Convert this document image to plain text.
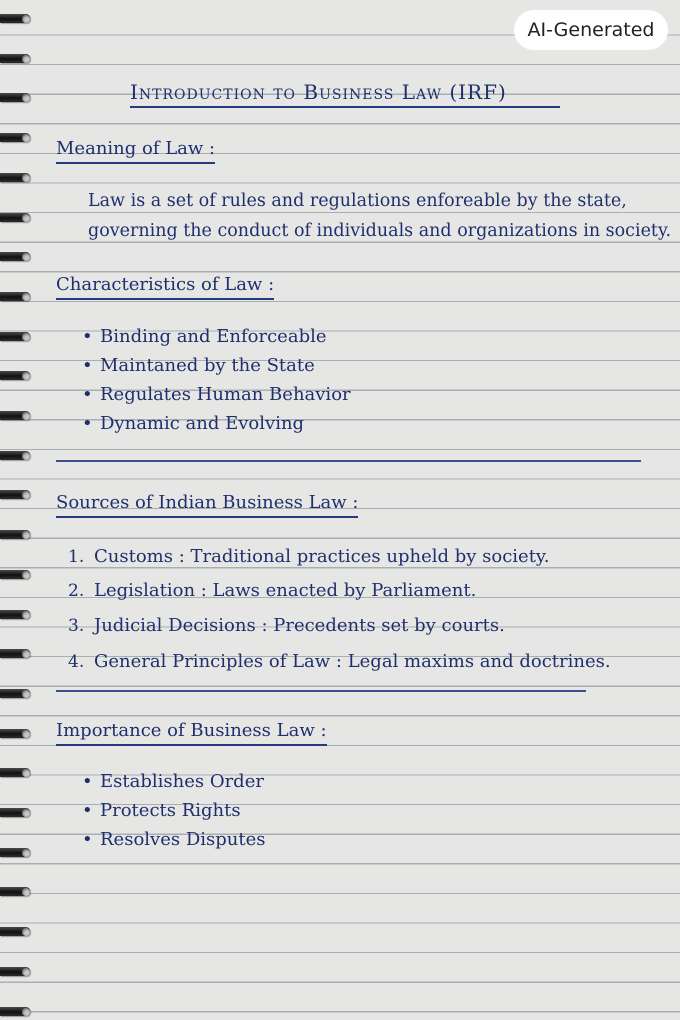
AI-Generated
Introduction to Business Law (IRF)
Meaning of Law :
Law is a set of rules and regulations enforeable by the state,
governing the conduct of individuals and organizations in society.
Characteristics of Law :
• Binding and Enforceable
• Maintaned by the State
• Regulates Human Behavior
• Dynamic and Evolving
Sources of Indian Business Law :
1. Customs : Traditional practices upheld by society.
2. Legislation : Laws enacted by Parliament.
3. Judicial Decisions : Precedents set by courts.
4. General Principles of Law : Legal maxims and doctrines.
Importance of Business Law :
• Establishes Order
• Protects Rights
• Resolves Disputes
